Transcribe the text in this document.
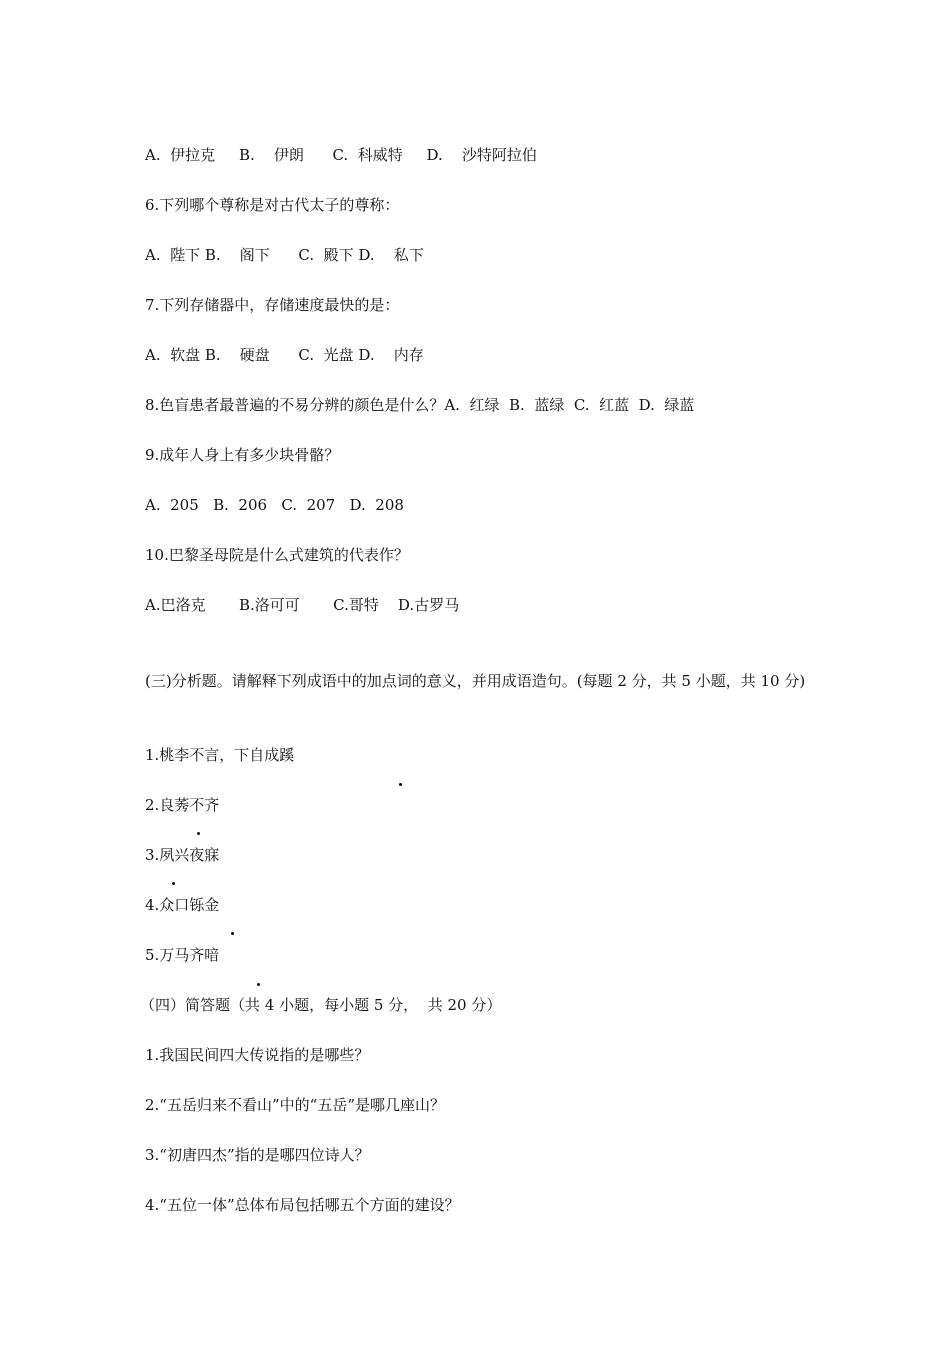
A.  伊拉克     B.    伊朗      C.  科威特     D.    沙特阿拉伯
6.下列哪个尊称是对古代太子的尊称：
A.  陛下 B.    阁下      C.  殿下 D.    私下
7.下列存储器中，存储速度最快的是：
A.  软盘 B.    硬盘      C.  光盘 D.    内存
8.色盲患者最普遍的不易分辨的颜色是什么？A.  红绿  B.  蓝绿  C.  红蓝  D.  绿蓝
9.成年人身上有多少块骨骼？
A.  205   B.  206   C.  207   D.  208
10.巴黎圣母院是什么式建筑的代表作？
A.巴洛克       B.洛可可       C.哥特    D.古罗马
(三)分析题。请解释下列成语中的加点词的意义，并用成语造句。(每题 2 分，共 5 小题，共 10 分)
1.桃李不言，下自成蹊
2.良莠不齐
3.夙兴夜寐
4.众口铄金
5.万马齐喑
（四）简答题（共 4 小题，每小题 5 分，  共 20 分）
1.我国民间四大传说指的是哪些？
2.“五岳归来不看山”中的“五岳”是哪几座山？
3.“初唐四杰”指的是哪四位诗人？
4.“五位一体”总体布局包括哪五个方面的建设？
